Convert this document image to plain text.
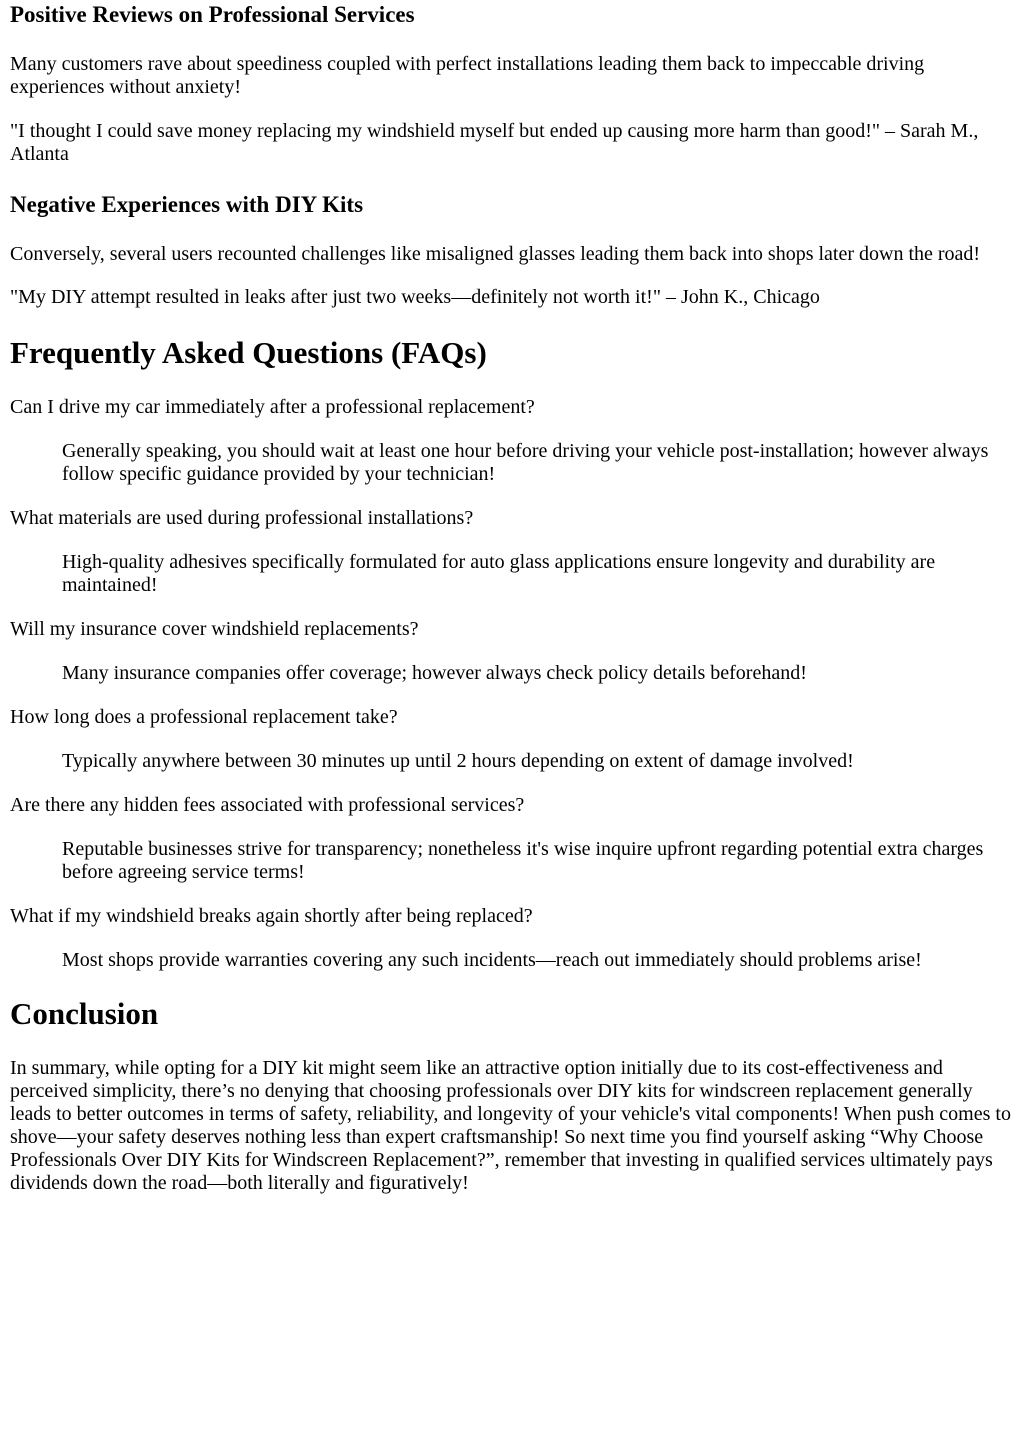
Positive Reviews on Professional Services

Many customers rave about speediness coupled with perfect installations leading them back to impeccable driving experiences without anxiety!

"I thought I could save money replacing my windshield myself but ended up causing more harm than good!" – Sarah M., Atlanta

Negative Experiences with DIY Kits

Conversely, several users recounted challenges like misaligned glasses leading them back into shops later down the road!

"My DIY attempt resulted in leaks after just two weeks—definitely not worth it!" – John K., Chicago

Frequently Asked Questions (FAQs)
Can I drive my car immediately after a professional replacement?
Generally speaking, you should wait at least one hour before driving your vehicle post-installation; however always follow specific guidance provided by your technician!
What materials are used during professional installations?
High-quality adhesives specifically formulated for auto glass applications ensure longevity and durability are maintained!
Will my insurance cover windshield replacements?
Many insurance companies offer coverage; however always check policy details beforehand!
How long does a professional replacement take?
Typically anywhere between 30 minutes up until 2 hours depending on extent of damage involved!
Are there any hidden fees associated with professional services?
Reputable businesses strive for transparency; nonetheless it's wise inquire upfront regarding potential extra charges before agreeing service terms!
What if my windshield breaks again shortly after being replaced?
Most shops provide warranties covering any such incidents—reach out immediately should problems arise!
Conclusion

In summary, while opting for a DIY kit might seem like an attractive option initially due to its cost-effectiveness and perceived simplicity, there’s no denying that choosing professionals over DIY kits for windscreen replacement generally leads to better outcomes in terms of safety, reliability, and longevity of your vehicle's vital components! When push comes to shove—your safety deserves nothing less than expert craftsmanship! So next time you find yourself asking “Why Choose Professionals Over DIY Kits for Windscreen Replacement?”, remember that investing in qualified services ultimately pays dividends down the road—both literally and figuratively!
